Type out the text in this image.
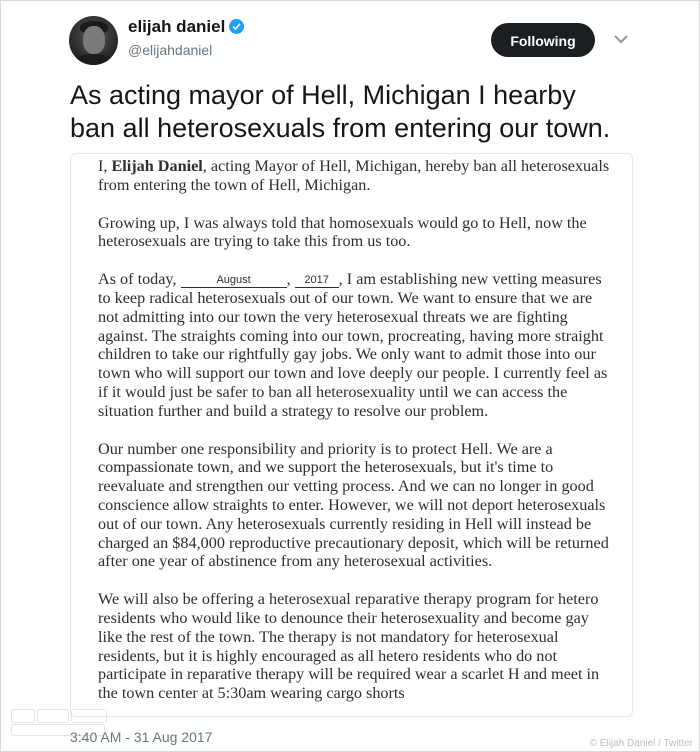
elijah daniel
@elijahdaniel
Following

As acting mayor of Hell, Michigan I hearby
ban all heterosexuals from entering our town.

I, Elijah Daniel, acting Mayor of Hell, Michigan, hereby ban all heterosexuals from entering the town of Hell, Michigan.

Growing up, I was always told that homosexuals would go to Hell, now the heterosexuals are trying to take this from us too.

As of today,	August , 2017 , I am establishing new vetting measures to keep radical heterosexuals out of our town. We want to ensure that we are not admitting into our town the very heterosexual threats we are fighting against. The straights coming into our town, procreating, having more straight children to take our rightfully gay jobs. We only want to admit those into our town who will support our town and love deeply our people. I currently feel as if it would just be safer to ban all heterosexuality until we can access the situation further and build a strategy to resolve our problem.

Our number one responsibility and priority is to protect Hell. We are a compassionate town, and we support the heterosexuals, but it's time to reevaluate and strengthen our vetting process. And we can no longer in good conscience allow straights to enter. However, we will not deport heterosexuals out of our town. Any heterosexuals currently residing in Hell will instead be charged an $84,000 reproductive precautionary deposit, which will be returned after one year of abstinence from any heterosexual activities.

We will also be offering a heterosexual reparative therapy program for hetero residents who would like to denounce their heterosexuality and become gay like the rest of the town. The therapy is not mandatory for heterosexual residents, but it is highly encouraged as all hetero residents who do not participate in reparative therapy will be required wear a scarlet H and meet in the town center at 5:30am wearing cargo shorts

3:40 AM - 31 Aug 2017	© Elijah Daniel / Twitter
